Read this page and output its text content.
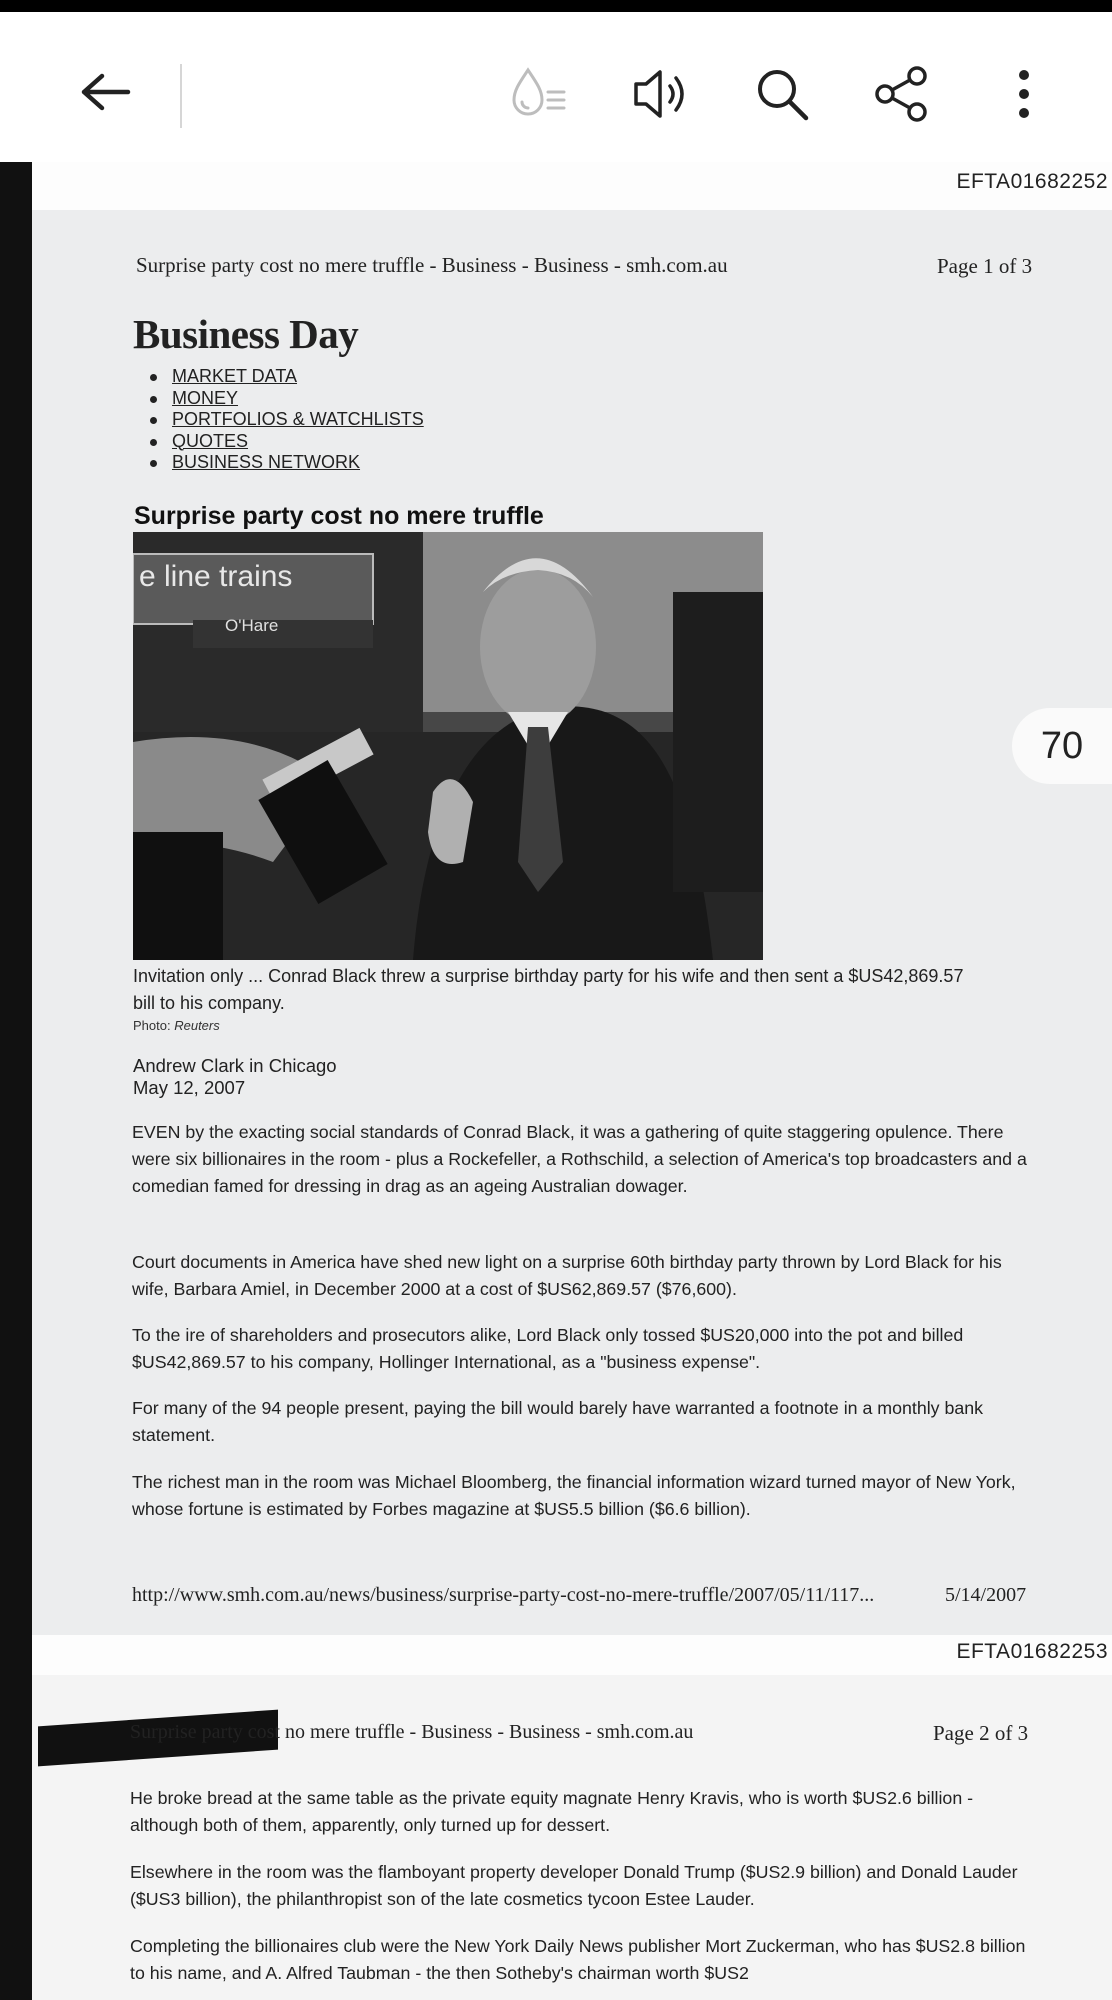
EFTA01682252
Surprise party cost no mere truffle - Business - Business - smh.com.au	Page 1 of 3
Business Day
MARKET DATA
MONEY
PORTFOLIOS & WATCHLISTS
QUOTES
BUSINESS NETWORK
Surprise party cost no mere truffle
e line trains
O'Hare
Invitation only ... Conrad Black threw a surprise birthday party for his wife and then sent a $US42,869.57 bill to his company.
Photo: Reuters
Andrew Clark in Chicago
May 12, 2007
EVEN by the exacting social standards of Conrad Black, it was a gathering of quite staggering opulence. There were six billionaires in the room - plus a Rockefeller, a Rothschild, a selection of America's top broadcasters and a comedian famed for dressing in drag as an ageing Australian dowager.
Court documents in America have shed new light on a surprise 60th birthday party thrown by Lord Black for his wife, Barbara Amiel, in December 2000 at a cost of $US62,869.57 ($76,600).
To the ire of shareholders and prosecutors alike, Lord Black only tossed $US20,000 into the pot and billed $US42,869.57 to his company, Hollinger International, as a "business expense".
For many of the 94 people present, paying the bill would barely have warranted a footnote in a monthly bank statement.
The richest man in the room was Michael Bloomberg, the financial information wizard turned mayor of New York, whose fortune is estimated by Forbes magazine at $US5.5 billion ($6.6 billion).
http://www.smh.com.au/news/business/surprise-party-cost-no-mere-truffle/2007/05/11/117...	5/14/2007
EFTA01682253
Surprise party cost no mere truffle - Business - Business - smh.com.au	Page 2 of 3
He broke bread at the same table as the private equity magnate Henry Kravis, who is worth $US2.6 billion - although both of them, apparently, only turned up for dessert.
Elsewhere in the room was the flamboyant property developer Donald Trump ($US2.9 billion) and Donald Lauder ($US3 billion), the philanthropist son of the late cosmetics tycoon Estee Lauder.
Completing the billionaires club were the New York Daily News publisher Mort Zuckerman, who has $US2.8 billion to his name, and A. Alfred Taubman - the then Sotheby's chairman worth $US2
70
